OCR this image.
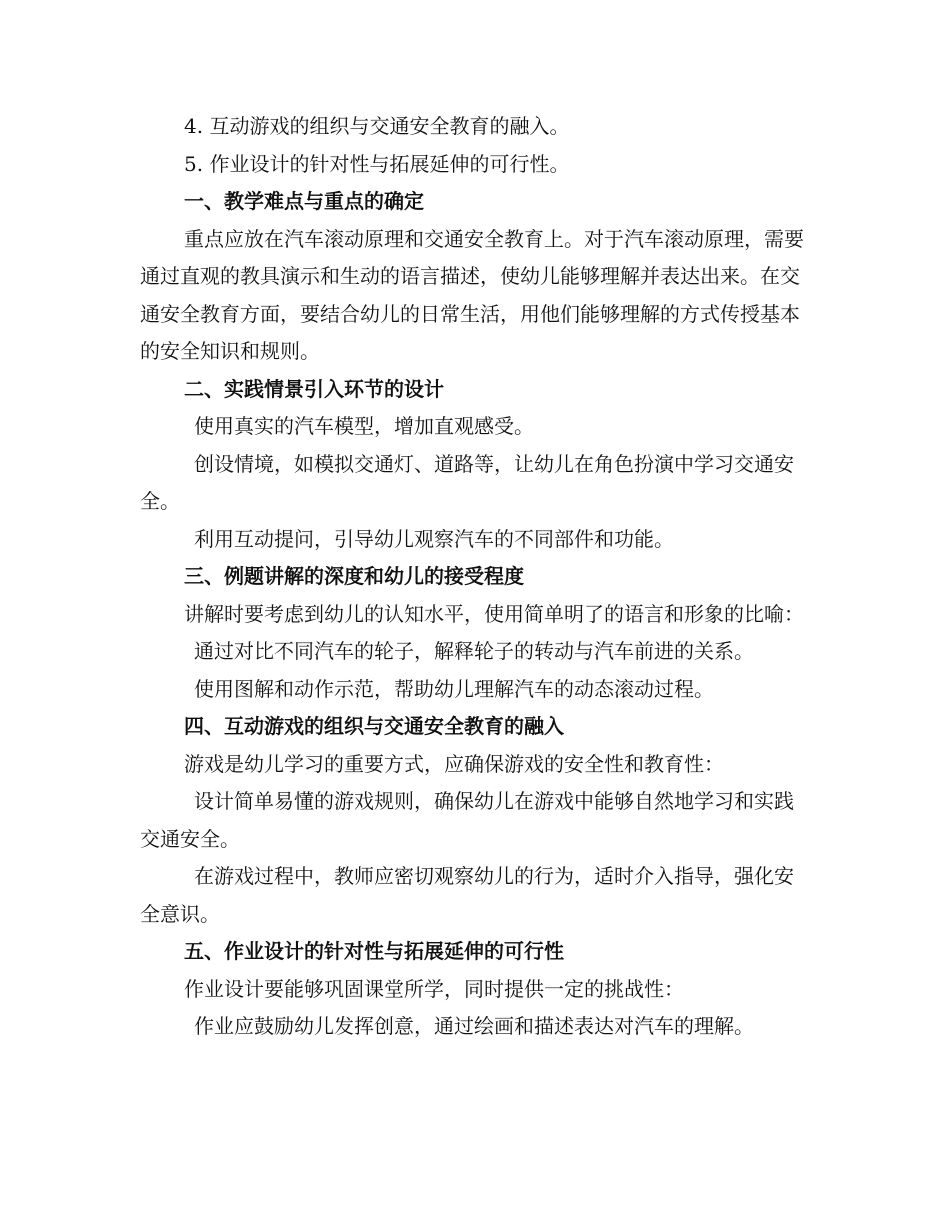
4. 互动游戏的组织与交通安全教育的融入。

5. 作业设计的针对性与拓展延伸的可行性。

一、教学难点与重点的确定

重点应放在汽车滚动原理和交通安全教育上。对于汽车滚动原理，需要通过直观的教具演示和生动的语言描述，使幼儿能够理解并表达出来。在交通安全教育方面，要结合幼儿的日常生活，用他们能够理解的方式传授基本的安全知识和规则。

二、实践情景引入环节的设计

使用真实的汽车模型，增加直观感受。

创设情境，如模拟交通灯、道路等，让幼儿在角色扮演中学习交通安全。

利用互动提问，引导幼儿观察汽车的不同部件和功能。

三、例题讲解的深度和幼儿的接受程度

讲解时要考虑到幼儿的认知水平，使用简单明了的语言和形象的比喻：

通过对比不同汽车的轮子，解释轮子的转动与汽车前进的关系。

使用图解和动作示范，帮助幼儿理解汽车的动态滚动过程。

四、互动游戏的组织与交通安全教育的融入

游戏是幼儿学习的重要方式，应确保游戏的安全性和教育性：

设计简单易懂的游戏规则，确保幼儿在游戏中能够自然地学习和实践交通安全。

在游戏过程中，教师应密切观察幼儿的行为，适时介入指导，强化安全意识。

五、作业设计的针对性与拓展延伸的可行性

作业设计要能够巩固课堂所学，同时提供一定的挑战性：

作业应鼓励幼儿发挥创意，通过绘画和描述表达对汽车的理解。
